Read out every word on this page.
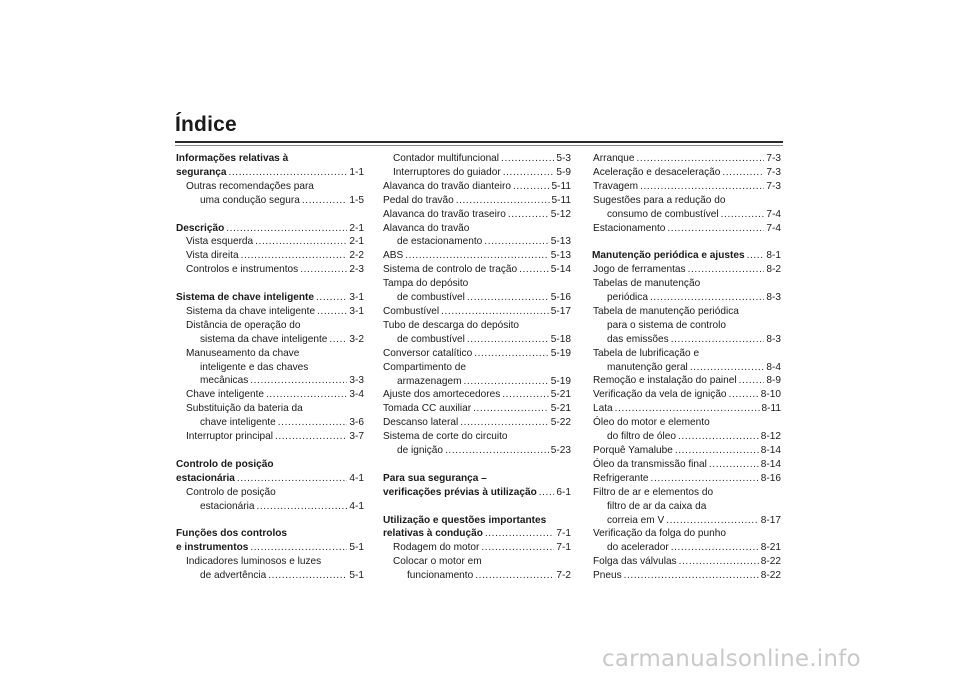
Índice
Informações relativas à
segurança .....	1-1
Outras recomendações para
uma condução segura .....	1-5
Descrição .....	2-1
Vista esquerda .....	2-1
Vista direita .....	2-2
Controlos e instrumentos .....	2-3
Sistema de chave inteligente .....	3-1
Sistema da chave inteligente .....	3-1
Distância de operação do
sistema da chave inteligente ..... 3-2
Manuseamento da chave
inteligente e das chaves
mecânicas .....	3-3
Chave inteligente .....	3-4
Substituição da bateria da
chave inteligente .....	3-6
Interruptor principal .....	3-7
Controlo de posição
estacionária .....	4-1
Controlo de posição
estacionária .....	4-1
Funções dos controlos
e instrumentos .....	5-1
Indicadores luminosos e luzes
de advertência .....	5-1
Contador multifuncional .....	5-3
Interruptores do guiador .....	5-9
Alavanca do travão dianteiro .....	5-11
Pedal do travão .....	5-11
Alavanca do travão traseiro .....	5-12
Alavanca do travão
de estacionamento .....	5-13
ABS .....	5-13
Sistema de controlo de tração .....	5-14
Tampa do depósito
de combustível .....	5-16
Combustível .....	5-17
Tubo de descarga do depósito
de combustível .....	5-18
Conversor catalítico .....	5-19
Compartimento de
armazenagem .....	5-19
Ajuste dos amortecedores .....	5-21
Tomada CC auxiliar .....	5-21
Descanso lateral .....	5-22
Sistema de corte do circuito
de ignição .....	5-23
Para sua segurança –
verificações prévias à utilização ..... 6-1
Utilização e questões importantes
relativas à condução .....	7-1
Rodagem do motor .....	7-1
Colocar o motor em
funcionamento .....	7-2
Arranque .....	7-3
Aceleração e desaceleração .....	7-3
Travagem .....	7-3
Sugestões para a redução do
consumo de combustível .....	7-4
Estacionamento .....	7-4
Manutenção periódica e ajustes ..... 8-1
Jogo de ferramentas .....	8-2
Tabelas de manutenção
periódica .....	8-3
Tabela de manutenção periódica
para o sistema de controlo
das emissões .....	8-3
Tabela de lubrificação e
manutenção geral .....	8-4
Remoção e instalação do painel .....	8-9
Verificação da vela de ignição .....	8-10
Lata .....	8-11
Óleo do motor e elemento
do filtro de óleo .....	8-12
Porquê Yamalube .....	8-14
Óleo da transmissão final .....	8-14
Refrigerante .....	8-16
Filtro de ar e elementos do
filtro de ar da caixa da
correia em V .....	8-17
Verificação da folga do punho
do acelerador .....	8-21
Folga das válvulas .....	8-22
Pneus .....	8-22
carmanualsonline.info
